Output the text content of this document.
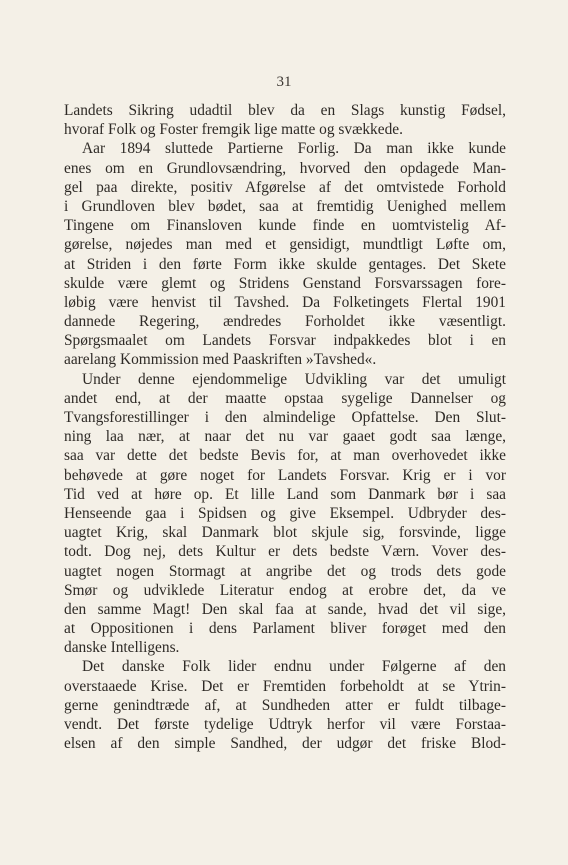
31
Landets Sikring udadtil blev da en Slags kunstig Fødsel,
hvoraf Folk og Foster fremgik lige matte og svækkede.
Aar 1894 sluttede Partierne Forlig. Da man ikke kunde
enes om en Grundlovsændring, hvorved den opdagede Man-
gel paa direkte, positiv Afgørelse af det omtvistede Forhold
i Grundloven blev bødet, saa at fremtidig Uenighed mellem
Tingene om Finansloven kunde finde en uomtvistelig Af-
gørelse, nøjedes man med et gensidigt, mundtligt Løfte om,
at Striden i den førte Form ikke skulde gentages. Det Skete
skulde være glemt og Stridens Genstand Forsvarssagen fore-
løbig være henvist til Tavshed. Da Folketingets Flertal 1901
dannede Regering, ændredes Forholdet ikke væsentligt.
Spørgsmaalet om Landets Forsvar indpakkedes blot i en
aarelang Kommission med Paaskriften »Tavshed«.
Under denne ejendommelige Udvikling var det umuligt
andet end, at der maatte opstaa sygelige Dannelser og
Tvangsforestillinger i den almindelige Opfattelse. Den Slut-
ning laa nær, at naar det nu var gaaet godt saa længe,
saa var dette det bedste Bevis for, at man overhovedet ikke
behøvede at gøre noget for Landets Forsvar. Krig er i vor
Tid ved at høre op. Et lille Land som Danmark bør i saa
Henseende gaa i Spidsen og give Eksempel. Udbryder des-
uagtet Krig, skal Danmark blot skjule sig, forsvinde, ligge
todt. Dog nej, dets Kultur er dets bedste Værn. Vover des-
uagtet nogen Stormagt at angribe det og trods dets gode
Smør og udviklede Literatur endog at erobre det, da ve
den samme Magt! Den skal faa at sande, hvad det vil sige,
at Oppositionen i dens Parlament bliver forøget med den
danske Intelligens.
Det danske Folk lider endnu under Følgerne af den
overstaaede Krise. Det er Fremtiden forbeholdt at se Ytrin-
gerne genindtræde af, at Sundheden atter er fuldt tilbage-
vendt. Det første tydelige Udtryk herfor vil være Forstaa-
elsen af den simple Sandhed, der udgør det friske Blod-
